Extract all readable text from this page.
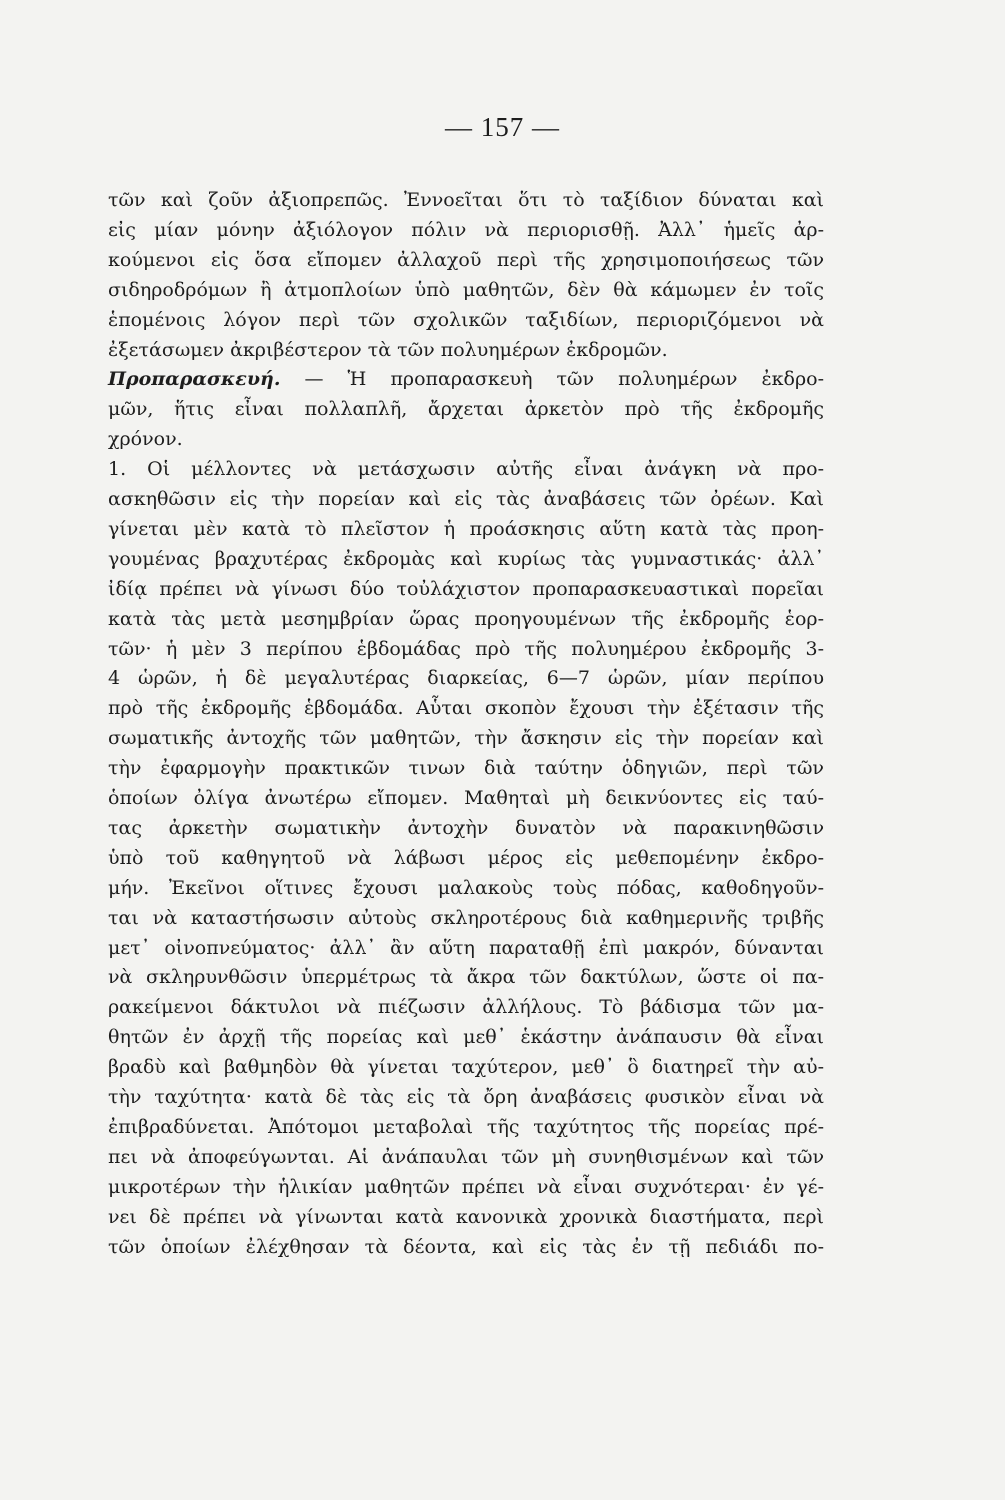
— 157 —
τῶν καὶ ζοῦν ἀξιοπρεπῶς. Ἐννοεῖται ὅτι τὸ ταξίδιον δύναται καὶ
εἰς μίαν μόνην ἀξιόλογον πόλιν νὰ περιορισθῇ. Ἀλλ᾽ ἡμεῖς ἀρ-
κούμενοι εἰς ὅσα εἴπομεν ἀλλαχοῦ περὶ τῆς χρησιμοποιήσεως τῶν
σιδηροδρόμων ἢ ἀτμοπλοίων ὑπὸ μαθητῶν, δὲν θὰ κάμωμεν ἐν τοῖς
ἑπομένοις λόγον περὶ τῶν σχολικῶν ταξιδίων, περιοριζόμενοι νὰ
ἐξετάσωμεν ἀκριβέστερον τὰ τῶν πολυημέρων ἐκδρομῶν.
Προπαρασκευή. — Ἡ προπαρασκευὴ τῶν πολυημέρων ἐκδρο-
μῶν, ἥτις εἶναι πολλαπλῆ, ἄρχεται ἀρκετὸν πρὸ τῆς ἐκδρομῆς
χρόνον.
1. Οἱ μέλλοντες νὰ μετάσχωσιν αὐτῆς εἶναι ἀνάγκη νὰ προ-
ασκηθῶσιν εἰς τὴν πορείαν καὶ εἰς τὰς ἀναβάσεις τῶν ὀρέων. Καὶ
γίνεται μὲν κατὰ τὸ πλεῖστον ἡ προάσκησις αὕτη κατὰ τὰς προη-
γουμένας βραχυτέρας ἐκδρομὰς καὶ κυρίως τὰς γυμναστικάς· ἀλλ᾽
ἰδίᾳ πρέπει νὰ γίνωσι δύο τοὐλάχιστον προπαρασκευαστικαὶ πορεῖαι
κατὰ τὰς μετὰ μεσημβρίαν ὥρας προηγουμένων τῆς ἐκδρομῆς ἑορ-
τῶν· ἡ μὲν 3 περίπου ἑβδομάδας πρὸ τῆς πολυημέρου ἐκδρομῆς 3-
4 ὡρῶν, ἡ δὲ μεγαλυτέρας διαρκείας, 6—7 ὡρῶν, μίαν περίπου
πρὸ τῆς ἐκδρομῆς ἑβδομάδα. Αὗται σκοπὸν ἔχουσι τὴν ἐξέτασιν τῆς
σωματικῆς ἀντοχῆς τῶν μαθητῶν, τὴν ἄσκησιν εἰς τὴν πορείαν καὶ
τὴν ἐφαρμογὴν πρακτικῶν τινων διὰ ταύτην ὁδηγιῶν, περὶ τῶν
ὁποίων ὀλίγα ἀνωτέρω εἴπομεν. Μαθηταὶ μὴ δεικνύοντες εἰς ταύ-
τας ἀρκετὴν σωματικὴν ἀντοχὴν δυνατὸν νὰ παρακινηθῶσιν
ὑπὸ τοῦ καθηγητοῦ νὰ λάβωσι μέρος εἰς μεθεπομένην ἐκδρο-
μήν. Ἐκεῖνοι οἵτινες ἔχουσι μαλακοὺς τοὺς πόδας, καθοδηγοῦν-
ται νὰ καταστήσωσιν αὐτοὺς σκληροτέρους διὰ καθημερινῆς τριβῆς
μετ᾽ οἰνοπνεύματος· ἀλλ᾽ ἂν αὕτη παραταθῇ ἐπὶ μακρόν, δύνανται
νὰ σκληρυνθῶσιν ὑπερμέτρως τὰ ἄκρα τῶν δακτύλων, ὥστε οἱ πα-
ρακείμενοι δάκτυλοι νὰ πιέζωσιν ἀλλήλους. Τὸ βάδισμα τῶν μα-
θητῶν ἐν ἀρχῇ τῆς πορείας καὶ μεθ᾽ ἑκάστην ἀνάπαυσιν θὰ εἶναι
βραδὺ καὶ βαθμηδὸν θὰ γίνεται ταχύτερον, μεθ᾽ ὃ διατηρεῖ τὴν αὐ-
τὴν ταχύτητα· κατὰ δὲ τὰς εἰς τὰ ὄρη ἀναβάσεις φυσικὸν εἶναι νὰ
ἐπιβραδύνεται. Ἀπότομοι μεταβολαὶ τῆς ταχύτητος τῆς πορείας πρέ-
πει νὰ ἀποφεύγωνται. Αἱ ἀνάπαυλαι τῶν μὴ συνηθισμένων καὶ τῶν
μικροτέρων τὴν ἡλικίαν μαθητῶν πρέπει νὰ εἶναι συχνότεραι· ἐν γέ-
νει δὲ πρέπει νὰ γίνωνται κατὰ κανονικὰ χρονικὰ διαστήματα, περὶ
τῶν ὁποίων ἐλέχθησαν τὰ δέοντα, καὶ εἰς τὰς ἐν τῇ πεδιάδι πο-
